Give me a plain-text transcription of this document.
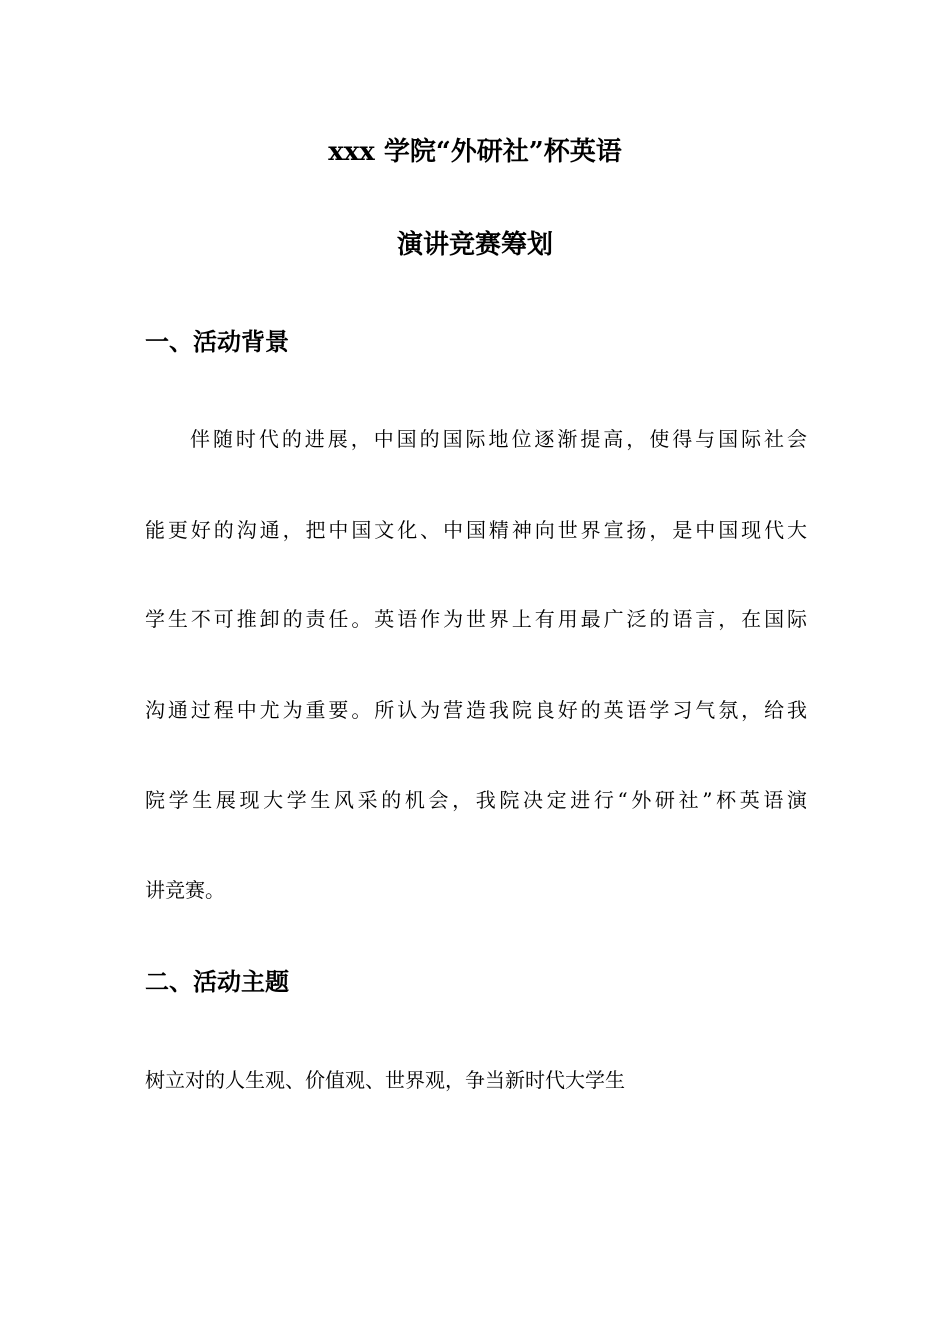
xxx 学院“外研社”杯英语
演讲竞赛筹划
一、活动背景

伴随时代的进展，中国的国际地位逐渐提高，使得与国际社会

能更好的沟通，把中国文化、中国精神向世界宣扬，是中国现代大

学生不可推卸的责任。英语作为世界上有用最广泛的语言，在国际

沟通过程中尤为重要。所认为营造我院良好的英语学习气氛，给我

院学生展现大学生风采的机会，我院决定进行“外研社”杯英语演

讲竞赛。

二、活动主题

树立对的人生观、价值观、世界观，争当新时代大学生
